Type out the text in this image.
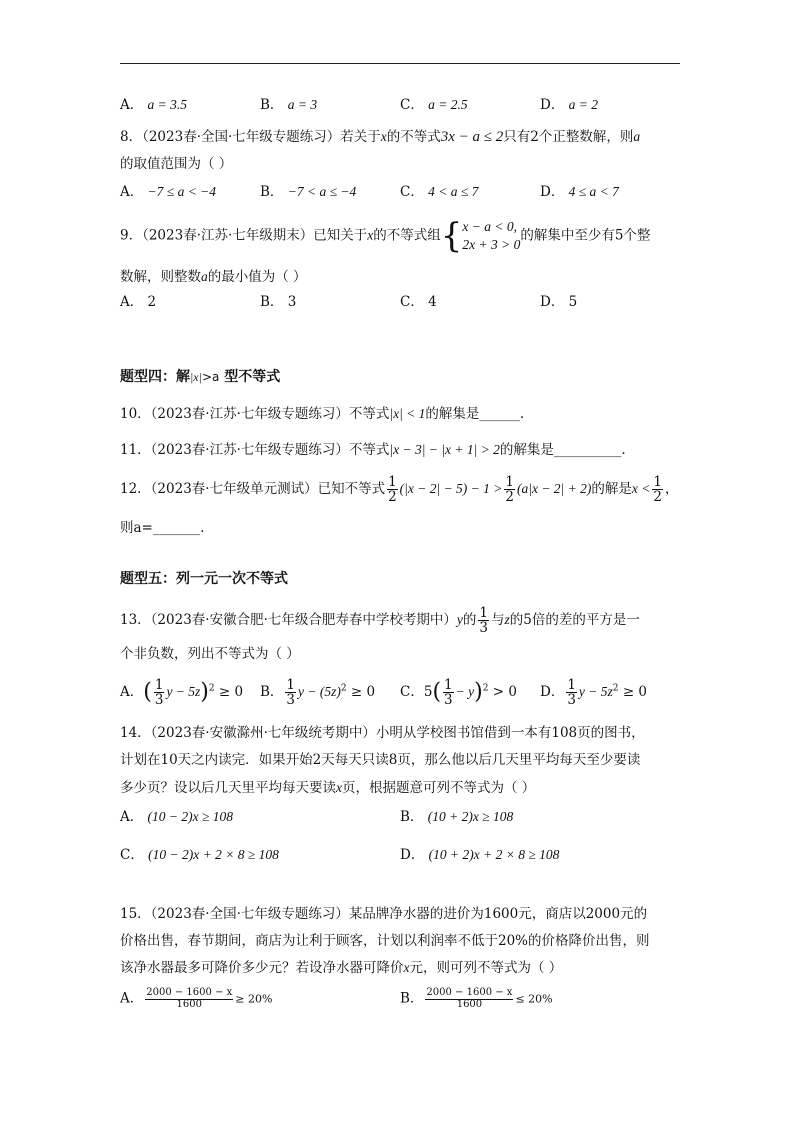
A． a = 3.5	B． a = 3	C． a = 2.5	D． a = 2
8．（2023春·全国·七年级专题练习）若关于x的不等式3x − a ≤ 2只有2个正整数解，则a
的取值范围为（ ）
A． −7 ≤ a < −4	B． −7 < a ≤ −4	C． 4 < a ≤ 7	D． 4 ≤ a < 7
9．（2023春·江苏·七年级期末）已知关于x的不等式组{ x − a < 0,
2x + 3 > 0
的解集中至少有5个整
数解，则整数a的最小值为（ ）
A． 2	B． 3	C． 4	D． 5
题型四：解|x|>a 型不等式
10．（2023春·江苏·七年级专题练习）不等式|x| < 1的解集是______.
11．（2023春·江苏·七年级专题练习）不等式|x − 3| − |x + 1| > 2的解集是__________.
12．（2023春·七年级单元测试）已知不等式 $\frac{1}{2} (|x - 2| - 5) - 1 > \frac{1}{2} (a|x - 2| + 2)$的解是$x < \frac{1}{2}$ ，
则a=_______.
题型五：列一元一次不等式
13．（2023春·安徽合肥·七年级合肥寿春中学校考期中）y的 $\frac{1}{3}$ 与z的5倍的差的平方是一
个非负数，列出不等式为（ ）
A．( $\frac{1}{3}$ y − 5z)$^2$ ≥ 0 B． $\frac{1}{3}$ $y - (5z)^2 \ge 0$ C．$5( \frac{1}{3} - y)^2 > 0$ D． $\frac{1}{3}$ $y - 5z^2 \ge 0$
14．（2023春·安徽滁州·七年级统考期中）小明从学校图书馆借到一本有108页的图书，
计划在10天之内读完．如果开始2天每天只读8页，那么他以后几天里平均每天至少要读
多少页？设以后几天里平均每天要读x页，根据题意可列不等式为（ ）
A． (10 − 2)x ≥ 108	B． (10 + 2)x ≥ 108
C． (10 − 2)x + 2 × 8 ≥ 108	D． (10 + 2)x + 2 × 8 ≥ 108
15．（2023春·全国·七年级专题练习）某品牌净水器的进价为1600元，商店以2000元的
价格出售，春节期间，商店为让利于顾客，计划以利润率不低于20%的价格降价出售，则
该净水器最多可降价多少元？若设净水器可降价x元，则可列不等式为（ ）
A． $\frac{2000 - 1600 - x}{1600} \ge 20\%$	B． $\frac{2000 - 1600 - x}{1600} \le 20\%$
